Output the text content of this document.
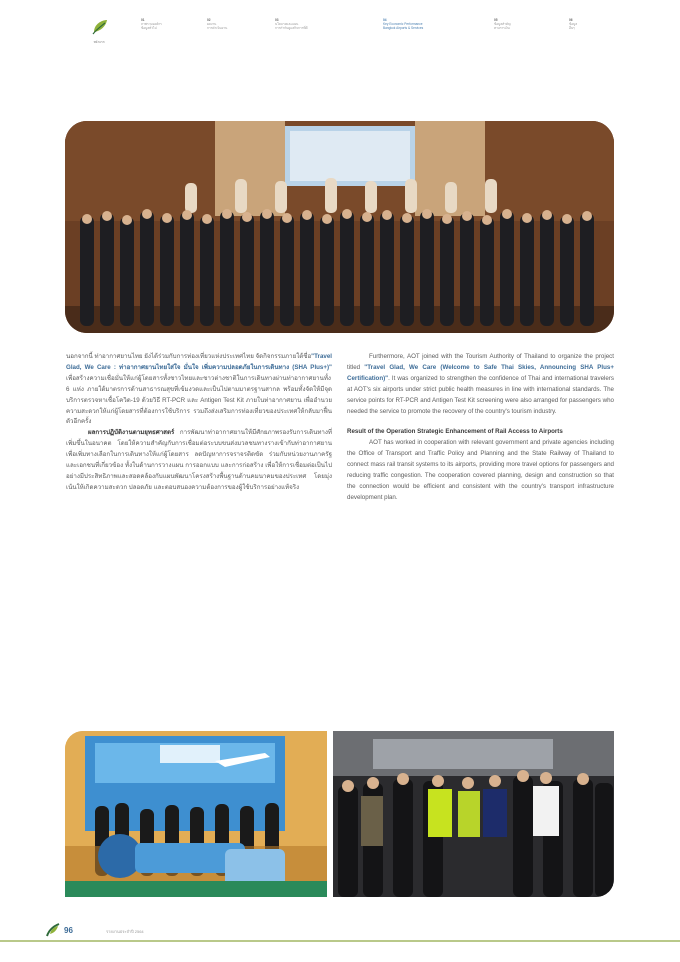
หน้าแรก
01
ภาพรวมองค์กร
ข้อมูลทั่วไป
02
ผลงาน
การดำเนินงาน
03
นโยบายและแผน
การกำกับดูแลกิจการที่ดี
04
Key Economic Performance
Bangkok Airports & Services
05
ข้อมูลสำคัญ
ทางการเงิน
06
ข้อมูล
อื่นๆ

นอกจากนี้ ท่าอากาศยานไทย ยังได้ร่วมกับการท่องเที่ยวแห่งประเทศไทย จัดกิจกรรมภายใต้ชื่อ"Travel Glad, We Care : ท่าอากาศยานไทยใส่ใจ มั่นใจ เพิ่มความปลอดภัยในการเดินทาง (SHA Plus+)" เพื่อสร้างความเชื่อมั่นให้แก่ผู้โดยสารทั้งชาวไทยและชาวต่างชาติในการเดินทางผ่านท่าอากาศยานทั้ง 6 แห่ง ภายใต้มาตรการด้านสาธารณสุขที่เข้มงวดและเป็นไปตามมาตรฐานสากล พร้อมทั้งจัดให้มีจุดบริการตรวจหาเชื้อโควิด-19 ด้วยวิธี RT-PCR และ Antigen Test Kit ภายในท่าอากาศยาน เพื่ออำนวยความสะดวกให้แก่ผู้โดยสารที่ต้องการใช้บริการ รวมถึงส่งเสริมการท่องเที่ยวของประเทศให้กลับมาฟื้นตัวอีกครั้ง

ผลการปฏิบัติงานตามยุทธศาสตร์ การพัฒนาท่าอากาศยานให้มีศักยภาพรองรับการเดินทางที่เพิ่มขึ้นในอนาคต โดยให้ความสำคัญกับการเชื่อมต่อระบบขนส่งมวลชนทางรางเข้ากับท่าอากาศยาน เพื่อเพิ่มทางเลือกในการเดินทางให้แก่ผู้โดยสาร ลดปัญหาการจราจรติดขัด ร่วมกับหน่วยงานภาครัฐและเอกชนที่เกี่ยวข้อง ทั้งในด้านการวางแผน การออกแบบ และการก่อสร้าง เพื่อให้การเชื่อมต่อเป็นไปอย่างมีประสิทธิภาพและสอดคล้องกับแผนพัฒนาโครงสร้างพื้นฐานด้านคมนาคมของประเทศ โดยมุ่งเน้นให้เกิดความสะดวก ปลอดภัย และตอบสนองความต้องการของผู้ใช้บริการอย่างแท้จริง

Furthermore, AOT joined with the Tourism Authority of Thailand to organize the project titled "Travel Glad, We Care (Welcome to Safe Thai Skies, Announcing SHA Plus+ Certification)". It was organized to strengthen the confidence of Thai and international travelers at AOT's six airports under strict public health measures in line with international standards. The service points for RT-PCR and Antigen Test Kit screening were also arranged for passengers who needed the service to promote the recovery of the country's tourism industry.

Result of the Operation Strategic Enhancement of Rail Access to Airports

AOT has worked in cooperation with relevant government and private agencies including the Office of Transport and Traffic Policy and Planning and the State Railway of Thailand to connect mass rail transit systems to its airports, providing more travel options for passengers and reducing traffic congestion. The cooperation covered planning, design and construction so that the connection would be efficient and consistent with the country's transport infrastructure development plan.

96	รายงานประจำปี 2564
